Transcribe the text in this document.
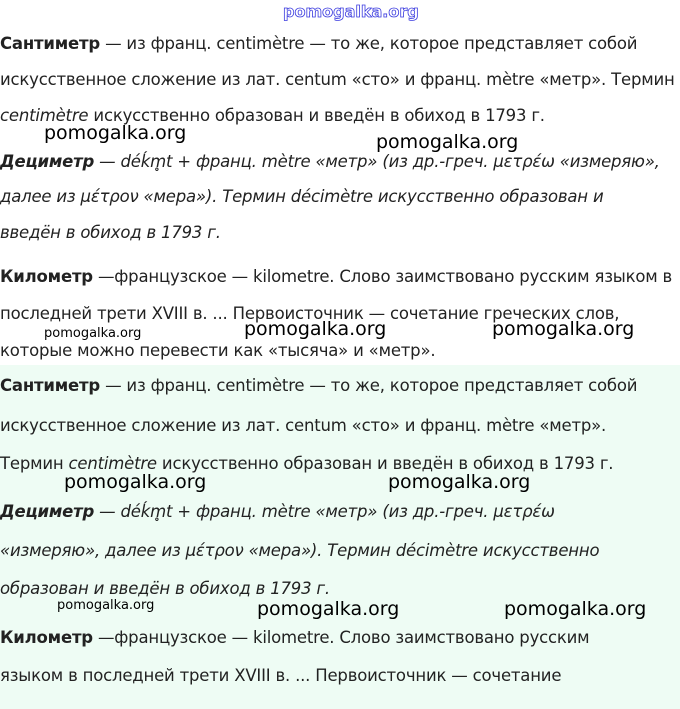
Сантиметр — из франц. centimètre — то же, которое представляет собой
искусственное сложение из лат. centum «сто» и франц. mètre «метр». Термин
centimètre искусственно образован и введён в обиход в 1793 г.
Дециметр — déḱm̥t + франц. mètre «метр» (из др.-греч. μετρέω «измеряю»,
далее из μέτρον «мера»). Термин décimètre искусственно образован и
введён в обиход в 1793 г.
Километр —французское — kilometre. Слово заимствовано русским языком в
последней трети XVIII в. ... Первоисточник — сочетание греческих слов,
которые можно перевести как «тысяча» и «метр».
Сантиметр — из франц. centimètre — то же, которое представляет собой
искусственное сложение из лат. centum «сто» и франц. mètre «метр».
Термин centimètre искусственно образован и введён в обиход в 1793 г.
Дециметр — déḱm̥t + франц. mètre «метр» (из др.-греч. μετρέω
«измеряю», далее из μέτρον «мера»). Термин décimètre искусственно
образован и введён в обиход в 1793 г.
Километр —французское — kilometre. Слово заимствовано русским
языком в последней трети XVIII в. ... Первоисточник — сочетание
pomogalka.org
pomogalka.org	pomogalka.org
pomogalka.org	pomogalka.org	pomogalka.org
pomogalka.org	pomogalka.org
pomogalka.org	pomogalka.org	pomogalka.org
